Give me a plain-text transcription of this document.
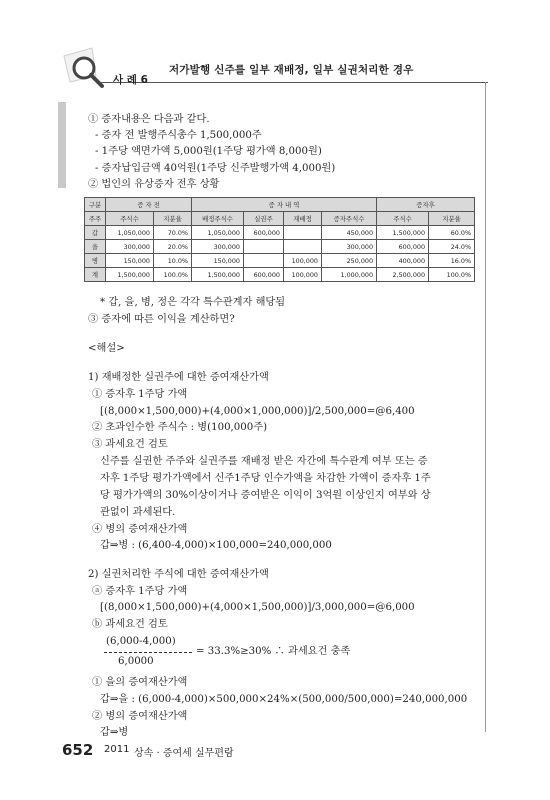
저가발행 신주를 일부 재배정, 일부 실권처리한 경우
사 례 6
① 증자내용은 다음과 같다.
- 증자 전 발행주식총수 1,500,000주
- 1주당 액면가액 5,000원(1주당 평가액 8,000원)
- 증자납입금액 40억원(1주당 신주발행가액 4,000원)
② 법인의 유상증자 전후 상황
구분	증 자 전		증 자 내 역				증자후	
주주	주식수	지분율	배정주식수	실권주	재배정	증자주식수	주식수	지분율
갑	1,050,000	70.0%	1,050,000	600,000		450,000	1,500,000	60.0%
을	300,000	20.0%	300,000			300,000	600,000	24.0%
병	150,000	10.0%	150,000		100,000	250,000	400,000	16.0%
계	1,500,000	100.0%	1,500,000	600,000	100,000	1,000,000	2,500,000	100.0%
* 갑, 을, 병, 정은 각각 특수관계자 해당됨
③ 증자에 따른 이익을 계산하면?
<해설>
1) 재배정한 실권주에 대한 증여재산가액
① 증자후 1주당 가액
[(8,000×1,500,000)+(4,000×1,000,000)]/2,500,000=@6,400
② 초과인수한 주식수 : 병(100,000주)
③ 과세요건 검토
신주를 실권한 주주와 실권주를 재배정 받은 자간에 특수관계 여부 또는 증
자후 1주당 평가가액에서 신주1주당 인수가액을 차감한 가액이 증자후 1주
당 평가가액의 30%이상이거나 증여받은 이익이 3억원 이상인지 여부와 상
관없이 과세된다.
④ 병의 증여재산가액
갑⇒병 : (6,400-4,000)×100,000=240,000,000
2) 실권처리한 주식에 대한 증여재산가액
ⓐ 증자후 1주당 가액
[(8,000×1,500,000)+(4,000×1,500,000)]/3,000,000=@6,000
ⓑ 과세요건 검토
(6,000-4,000)
= 33.3%≥30% ∴ 과세요건 충족
6,0000
① 을의 증여재산가액
갑⇒을 : (6,000-4,000)×500,000×24%×(500,000/500,000)=240,000,000
② 병의 증여재산가액
갑⇒병
652 2011 상속 · 증여세 실무편람
